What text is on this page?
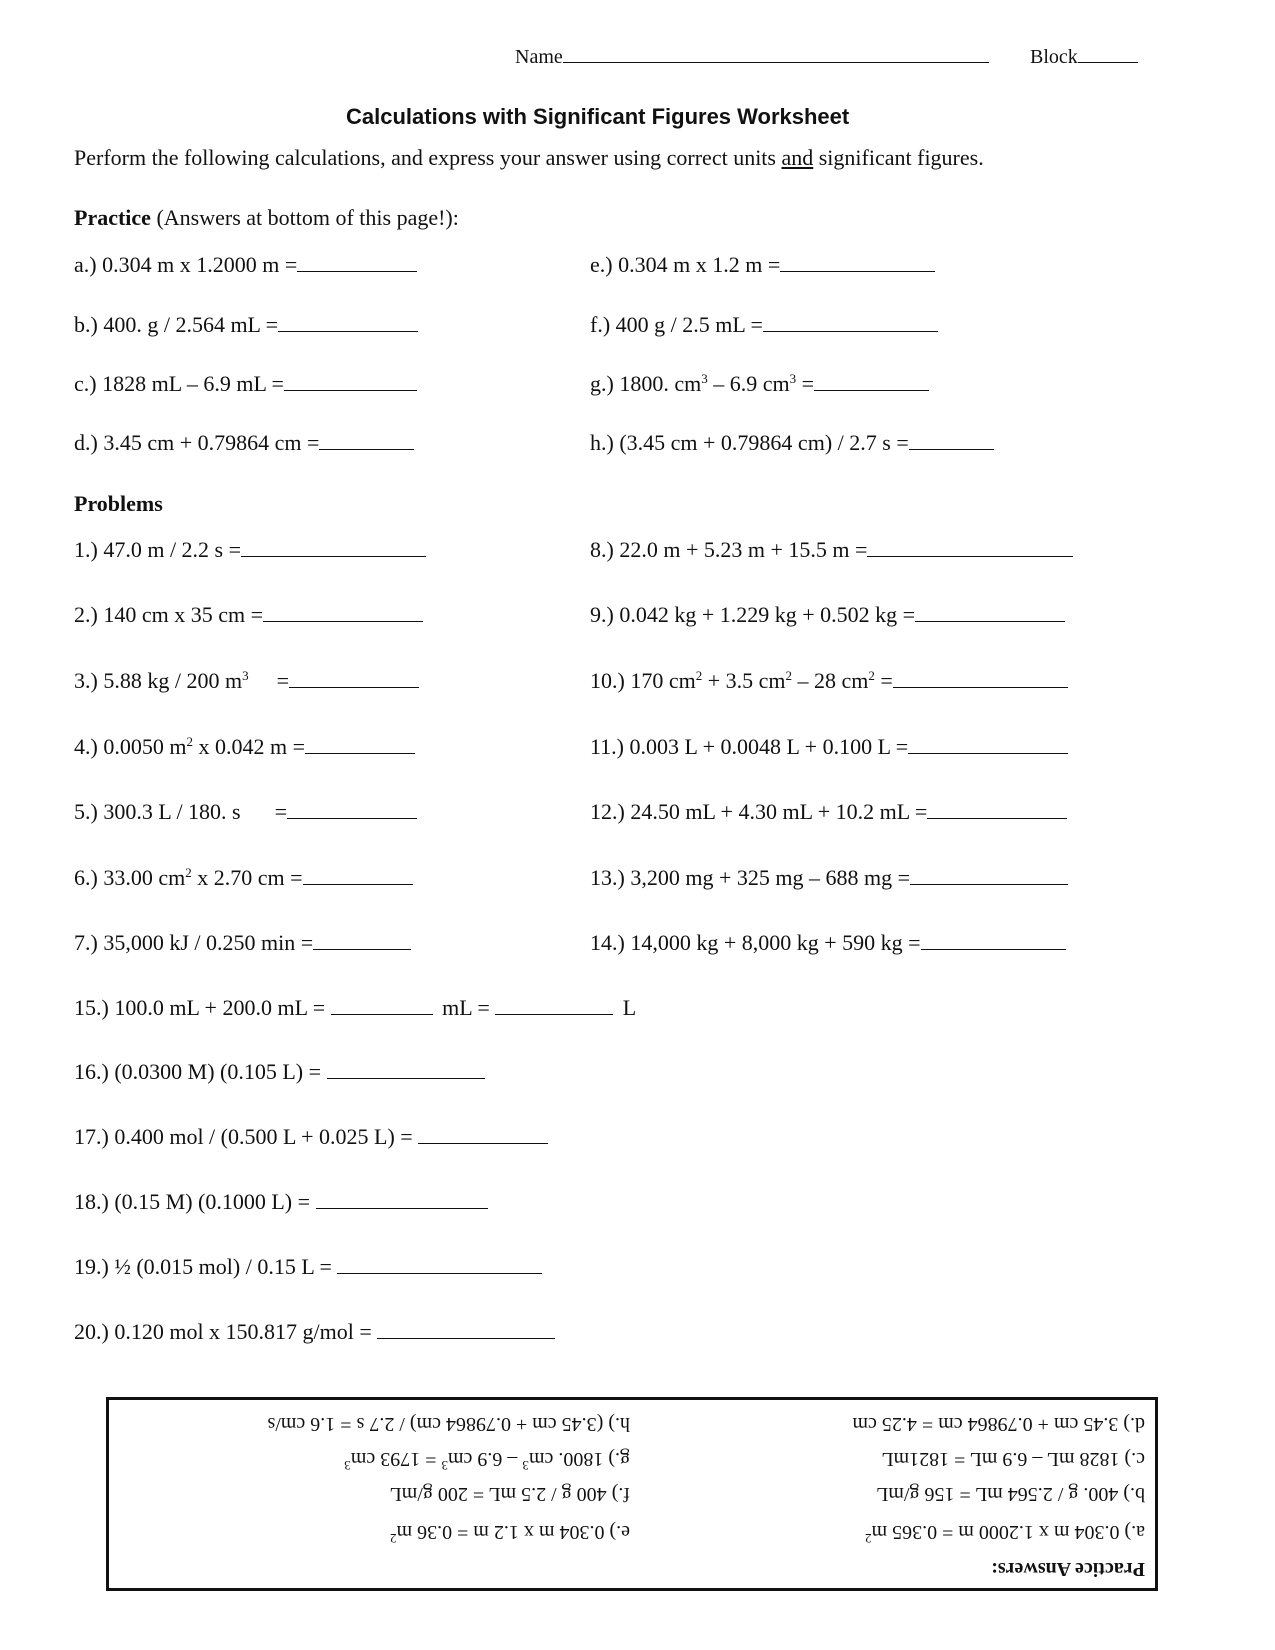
Name	Block
Calculations with Significant Figures Worksheet
Perform the following calculations, and express your answer using correct units and significant figures.
Practice (Answers at bottom of this page!):
a.) 0.304 m x 1.2000 m =
b.) 400. g / 2.564 mL =
c.) 1828 mL – 6.9 mL =
d.) 3.45 cm + 0.79864 cm =
e.) 0.304 m x 1.2 m =
f.) 400 g / 2.5 mL =
g.) 1800. $cm^3 - 6.9$ $cm^3$ =
h.) (3.45 cm + 0.79864 cm) / 2.7 s =
Problems
1.) 47.0 m / 2.2 s =
2.) 140 cm x 35 cm =
3.) 5.88 kg / 200 $m^3$ =
4.) 0.0050 $m^2$ x 0.042 m =
5.) 300.3 L / 180. s =
6.) 33.00 $cm^2$ x 2.70 cm =
7.) 35,000 kJ / 0.250 min =
8.) 22.0 m + 5.23 m + 15.5 m =
9.) 0.042 kg + 1.229 kg + 0.502 kg =
10.) 170 $cm^2 + 3.5$ $cm^2 - 28$ $cm^2$ =
11.) 0.003 L + 0.0048 L + 0.100 L =
12.) 24.50 mL + 4.30 mL + 10.2 mL =
13.) 3,200 mg + 325 mg – 688 mg =
14.) 14,000 kg + 8,000 kg + 590 kg =
15.) 100.0 mL + 200.0 mL =	mL =	L
16.) (0.0300 M) (0.105 L) =
17.) 0.400 mol / (0.500 L + 0.025 L) =
18.) (0.15 M) (0.1000 L) =
19.) ½ (0.015 mol) / 0.15 L =
20.) 0.120 mol x 150.817 g/mol =
Practice Answers:
a.) 0.304 m x 1.2000 m = 0.365 $m^2$
b.) 400. g / 2.564 mL = 156 g/mL
c.) 1828 mL – 6.9 mL = 1821mL
d.) 3.45 cm + 0.79864 cm = 4.25 cm
e.) 0.304 m x 1.2 m = 0.36 $m^2$
f.) 400 g / 2.5 mL = 200 g/mL
g.) 1800. $cm^3 - 6.9$ $cm^3 = 1793$ $cm^3$
h.) (3.45 cm + 0.79864 cm) / 2.7 s = 1.6 cm/s
